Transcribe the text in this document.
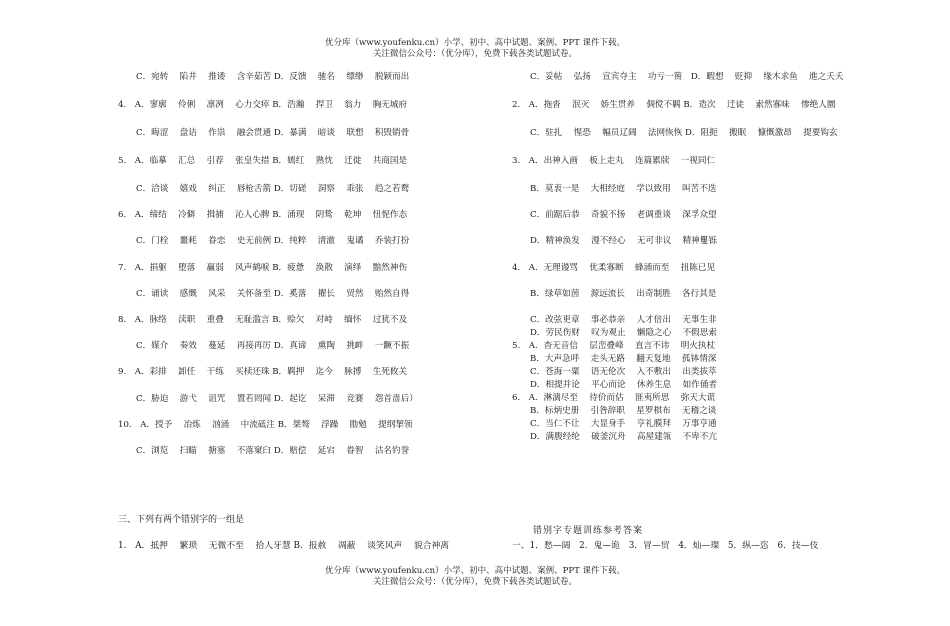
优分库（www.youfenku.cn）小学、初中、高中试题、案例、PPT 课件下载。
关注微信公众号：（优分库），免费下载各类试题试卷。
C．宛转　 陷井　 推诿　 含辛茹苦 D．反馈　 驰名　 缥缈　 脱颖而出
4.　A．寥廓　 伶俐　 凛冽　 心力交瘁 B．浩瀚　 捍卫　 翁力　 胸无城府
C．晦涩　 盘诘　 作祟　 融会贯通 D．暴满　 暗谈　 联想　 积毁销骨
5.　A．临摹　 汇总　 引荐　 张皇失措 B．嫣红　 熟忱　 迁徙　 共商国是
C．洽谈　 嬉戏　 纠正　 唇枪舌箭 D．切磋　 洞察　 乖张　 趋之若鹜
6.　A．缔结　 冷僻　 揖捕　 沁人心脾 B．涌现　 阴鸷　 乾坤　 忸怩作态
C．门栓　 噩耗　 眷恋　 史无前例 D．纯粹　 清澈　 鬼谲　 乔装打扮
7.　A．捐躯　 堕落　 赢弱　 风声鹤唳 B．疲惫　 涣散　 演绎　 黯然神伤
C．诵读　 感慨　 风采　 关怀备至 D．奚落　 擢长　 贸然　 贻然自得
8.　A．脉络　 渎职　 重叠　 无耻滥言 B．赊欠　 对峙　 缅怀　 过犹不及
C．媒介　 奏效　 蔓延　 再接再厉 D．真谛　 熏陶　 挑衅　 一蹶不振
9.　A．彩排　 卸任　 干练　 买椟还珠 B．羁押　 迄今　 脉搏　 生死攸关
C．胁迫　 游弋　 诅咒　 置若罔闻 D．起讫　 呆滞　 竞赛　 怨首啬后）
10.　A．授予　 冶炼　 汹涌　 中流砥注 B．桀骜　 浮躁　 勖勉　 提纲挈领
C．浏览　 扫瞄　 搪塞　 不落窠臼 D．赔偿　 延宕　 眷智　 沽名钓誉
C．妥帖　 弘扬　 宣宾夺主　 功亏一篑　D．暇想　 贬抑　 缘木求鱼　 進之夭夭
2.　A．拖沓　 泯灭　 娇生贯养　 倜傥不羁 B．造次　 迁徒　 索然寡味　 惨绝人圜
C．驻扎　 惺恐　 幅员辽阔　 法网恢恢 D．阻扼　 搬眠　 慷慨激昂　 提要钩玄
3.　A．出神入画　 板上走丸　 连篇累牍　 一视同仁
B．莫衷一是　 大相经庭　 学以致用　 叫苦不迭
C．前踞后恭　 奇貌不扬　 老调重谈　 深孚众望
D．精神涣发　 漫不经心　 无可非议　 精神矍铄
4.　A．无理谩骂　 优柔寡断　 蜂涌而至　 扭陈已见
B．绿草如茵　 源远流长　 出奇制胜　 各行其是
C．改弦更章　 事必恭亲　 人才倍出　 无事生非
D．劳民伤财　 叹为观止　 懒隐之心　 不假思索
5.　A．杳无音信　 层峦叠峰　 直言不讳　 明火执杖
B．大声急呼　 走头无路　 翻天复地　 孤钵情深
C．苍海一粟　 语无伦次　 入不敷出　 出类拔萃
D．相提并论　 平心而论　 休养生息　 如作俑者
6.　A．淋漓尽至　 待价而估　 匪夷所思　 弥天大谎
B．标炳史册　 引咎辞职　 星罗棋布　 无稽之谈
C．当仁不让　 大显身手　 亨礼膜拜　 万事亨通
D．满腹经纶　 破釜沉舟　 高屋建瓴　 不卑不亢
三、下列有两个错别字的一组是
1.　A．抵押　 繁琐　 无微不至　 拾人牙慧 B．报赦　 凋蔽　 谈笑风声　 貌合神离
错别字专题训练参考答案
一、1．愁—阔　2．鬼—诡　3．冒—贸　4．灿—璨　5．纵—恣　6．技—伎
优分库（www.youfenku.cn）小学、初中、高中试题、案例、PPT 课件下载。
关注微信公众号：（优分库），免费下载各类试题试卷。
